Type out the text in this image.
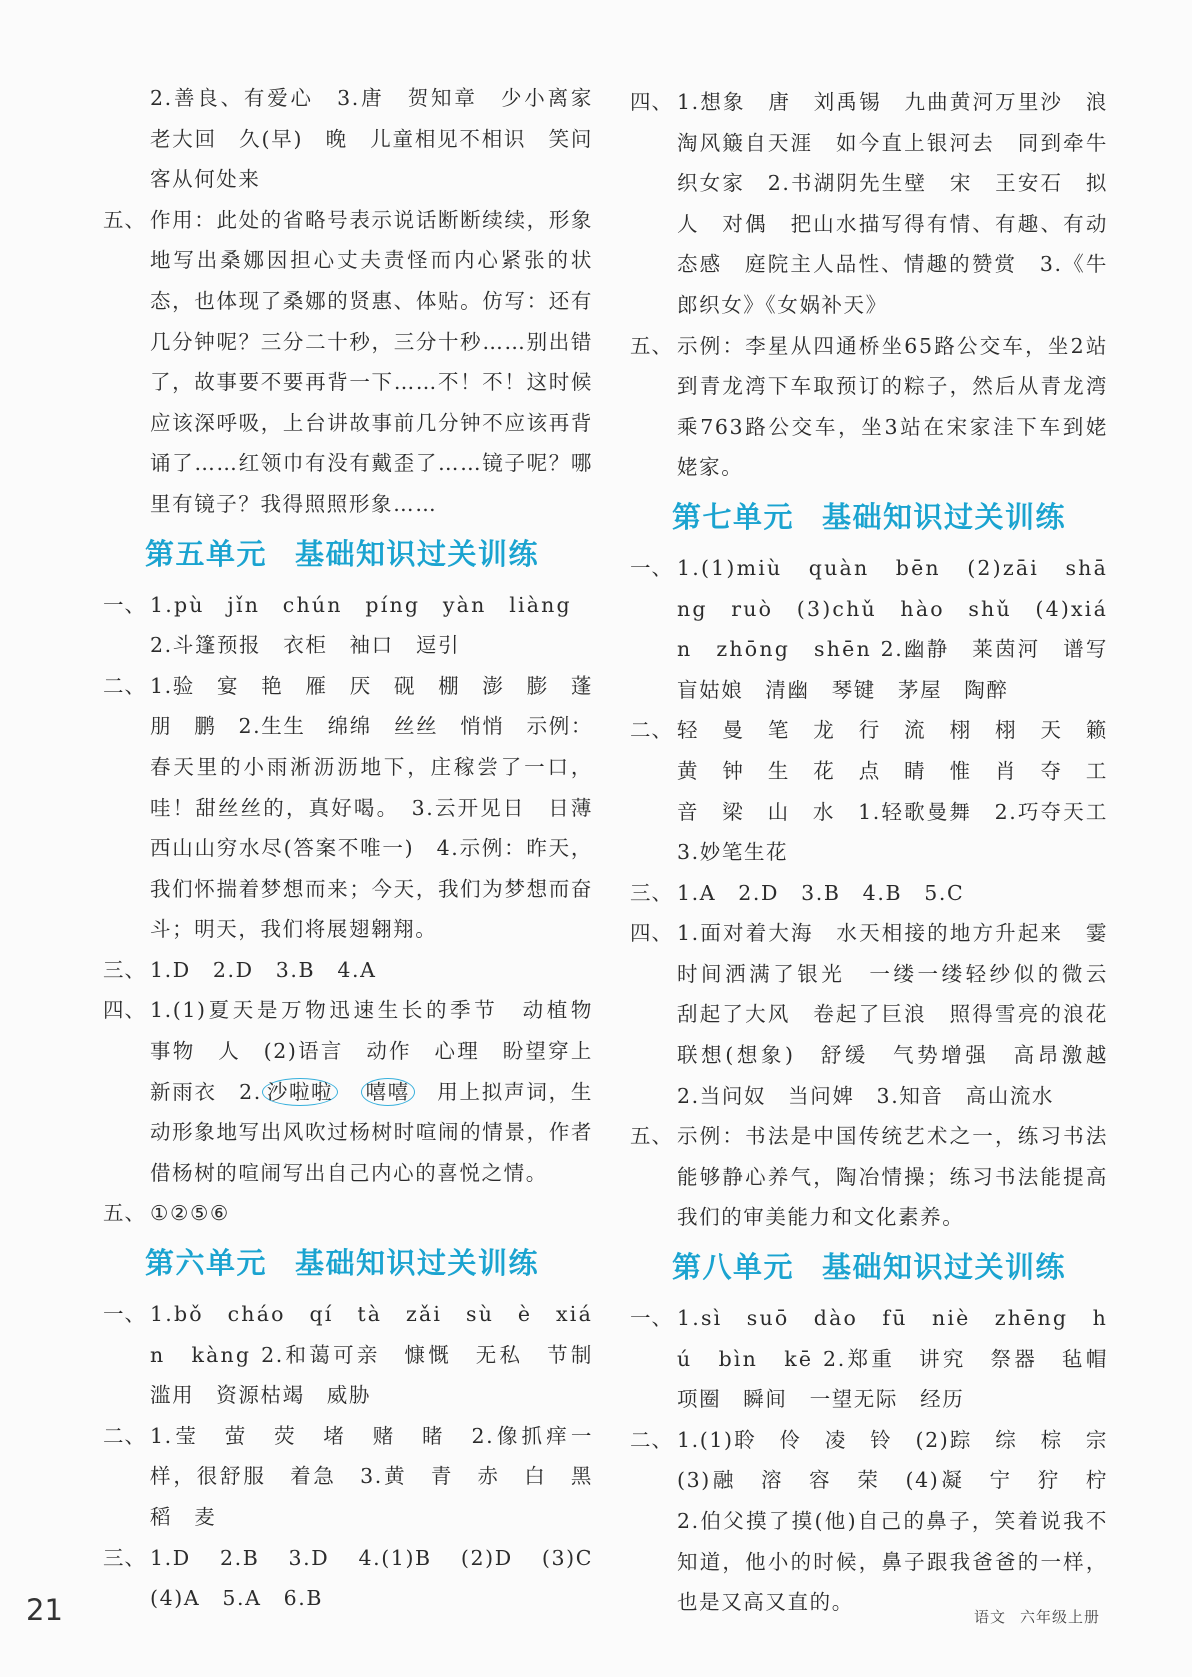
2.善良、有爱心　3.唐　贺知章　少小离家老大回　久(早)　晚　儿童相见不相识　笑问客从何处来
五、 作用：此处的省略号表示说话断断续续，形象地写出桑娜因担心丈夫责怪而内心紧张的状态，也体现了桑娜的贤惠、体贴。仿写：还有几分钟呢？三分二十秒，三分十秒……别出错了，故事要不要再背一下……不！不！这时候应该深呼吸，上台讲故事前几分钟不应该再背诵了……红领巾有没有戴歪了……镜子呢？哪里有镜子？我得照照形象……
第五单元 基础知识过关训练
一、 1.pù　jǐn　chún　píng　yàn　liàng　2.斗篷预报　衣柜　袖口　逗引
二、 1.验　宴　艳　雁　厌　砚　棚　澎　膨　蓬朋　鹏　2.生生　绵绵　丝丝　悄悄　示例：春天里的小雨淅沥沥地下，庄稼尝了一口，哇！甜丝丝的，真好喝。　3.云开见日　日薄西山山穷水尽(答案不唯一)　4.示例：昨天，我们怀揣着梦想而来；今天，我们为梦想而奋斗；明天，我们将展翅翱翔。
三、 1.D　2.D　3.B　4.A
四、 1.(1)夏天是万物迅速生长的季节　动植物　事物　人　(2)语言　动作　心理　盼望穿上新雨衣　2. 沙啦啦　 嘻嘻　用上拟声词，生动形象地写出风吹过杨树时喧闹的情景，作者借杨树的喧闹写出自己内心的喜悦之情。
五、 ①②⑤⑥
第六单元 基础知识过关训练
一、 1.bǒ　cháo　qí　tà　zǎi　sù　è　xián　kàng 2.和蔼可亲　慷慨　无私　节制　滥用　资源枯竭　威胁
二、 1.莹　萤　荧　堵　赌　睹　2.像抓痒一样，很舒服　着急　3.黄　青　赤　白　黑　稻　麦
三、 1.D　2.B　3.D　4.(1)B　(2)D　(3)C　(4)A　5.A　6.B
四、 1.想象　唐　刘禹锡　九曲黄河万里沙　浪淘风簸自天涯　如今直上银河去　同到牵牛织女家　2.书湖阴先生壁　宋　王安石　拟人　对偶　把山水描写得有情、有趣、有动态感　庭院主人品性、情趣的赞赏　3.《牛郎织女》《女娲补天》
五、 示例：李星从四通桥坐65路公交车，坐2站到青龙湾下车取预订的粽子，然后从青龙湾乘763路公交车，坐3站在宋家洼下车到姥姥家。
第七单元 基础知识过关训练
一、 1.(1)miù　quàn　bēn　(2)zāi　shāng　ruò　(3)chǔ　hào　shǔ　(4)xián　zhōng　shēn 2.幽静　莱茵河　谱写　盲姑娘　清幽　琴键　茅屋　陶醉
二、 轻　曼　笔　龙　行　流　栩　栩　天　籁　黄　钟　生　花　点　睛　惟　肖　夺　工　音　梁　山　水　1.轻歌曼舞　2.巧夺天工　3.妙笔生花
三、 1.A　2.D　3.B　4.B　5.C
四、 1.面对着大海　水天相接的地方升起来　霎时间洒满了银光　一缕一缕轻纱似的微云　刮起了大风　卷起了巨浪　照得雪亮的浪花　联想(想象)　舒缓　气势增强　高昂激越　2.当问奴　当问婢　3.知音　高山流水
五、 示例：书法是中国传统艺术之一，练习书法能够静心养气，陶冶情操；练习书法能提高我们的审美能力和文化素养。
第八单元 基础知识过关训练
一、 1.sì　suō　dào　fū　niè　zhēng　hú　bìn　kē 2.郑重　讲究　祭器　毡帽　项圈　瞬间　一望无际　经历
二、 1.(1)聆　伶　凌　铃　(2)踪　综　棕　宗　(3)融　溶　容　荣　(4)凝　宁　狞　柠　2.伯父摸了摸(他)自己的鼻子，笑着说我不知道，他小的时候，鼻子跟我爸爸的一样，也是又高又直的。
21	语文 六年级上册
